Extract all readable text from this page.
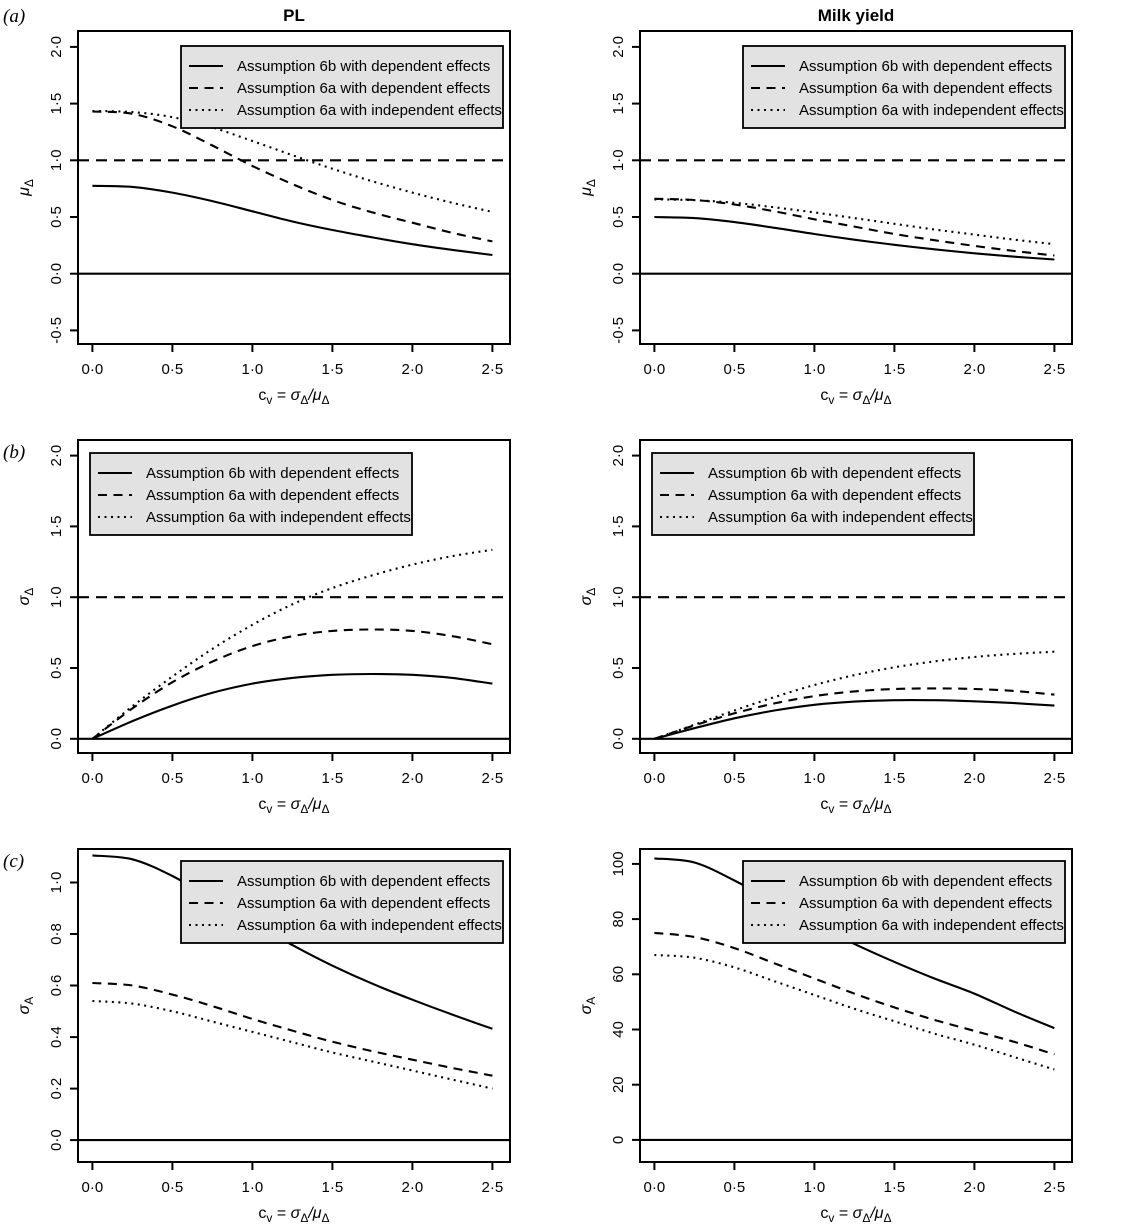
(a)	PL
0·0	0·5	1·0	1·5	2·0	2·5
-0·5
0·0
0·5
1·0
1·5
2·0
$\mu_\Delta$
$c_v = \sigma_\Delta/\mu_\Delta$
Assumption 6b with dependent effects
Assumption 6a with dependent effects
Assumption 6a with independent effects
Milk yield
0·0	0·5	1·0	1·5	2·0	2·5
-0·5
0·0
0·5
1·0
1·5
2·0
$\mu_\Delta$
$c_v = \sigma_\Delta/\mu_\Delta$
Assumption 6b with dependent effects
Assumption 6a with dependent effects
Assumption 6a with independent effects
(b)
0·0	0·5	1·0	1·5	2·0	2·5
0·0
0·5
1·0
1·5
2·0
$\sigma_\Delta$
$c_v = \sigma_\Delta/\mu_\Delta$
Assumption 6b with dependent effects
Assumption 6a with dependent effects
Assumption 6a with independent effects
0·0	0·5	1·0	1·5	2·0	2·5
0·0
0·5
1·0
1·5
2·0
$\sigma_\Delta$
$c_v = \sigma_\Delta/\mu_\Delta$
Assumption 6b with dependent effects
Assumption 6a with dependent effects
Assumption 6a with independent effects
(c)
0·0	0·5	1·0	1·5	2·0	2·5
0·0
0·2
0·4
0·6
0·8
1·0
$\sigma_A$
$c_v = \sigma_\Delta/\mu_\Delta$
Assumption 6b with dependent effects
Assumption 6a with dependent effects
Assumption 6a with independent effects
0·0	0·5	1·0	1·5	2·0	2·5
0
20
40
60
80
100
$\sigma_A$
$c_v = \sigma_\Delta/\mu_\Delta$
Assumption 6b with dependent effects
Assumption 6a with dependent effects
Assumption 6a with independent effects
